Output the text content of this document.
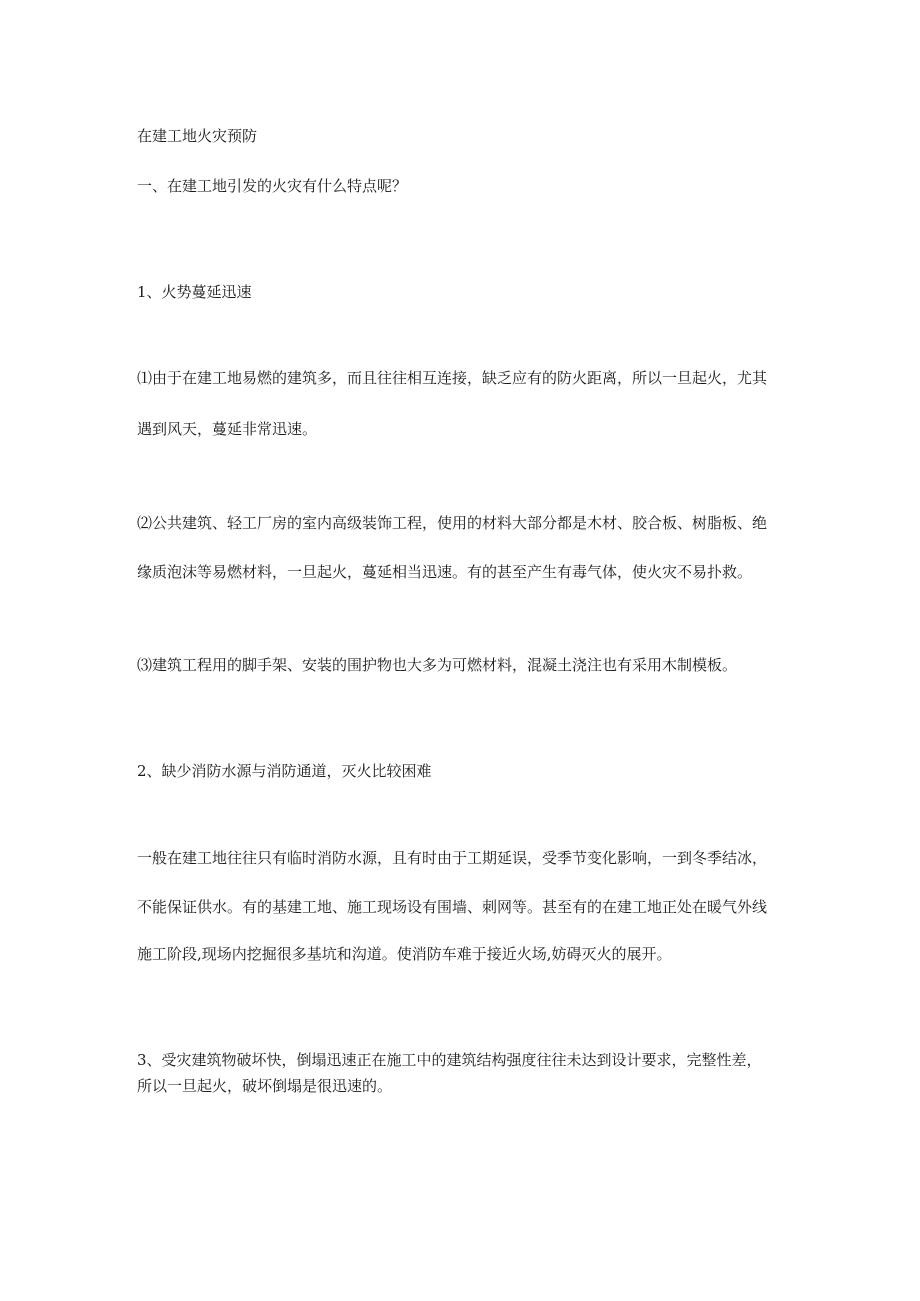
在建工地火灾预防
一、在建工地引发的火灾有什么特点呢？
1、火势蔓延迅速
⑴由于在建工地易燃的建筑多，而且往往相互连接，缺乏应有的防火距离，所以一旦起火，尤其
遇到风天，蔓延非常迅速。
⑵公共建筑、轻工厂房的室内高级装饰工程，使用的材料大部分都是木材、胶合板、树脂板、绝
缘质泡沫等易燃材料，一旦起火，蔓延相当迅速。有的甚至产生有毒气体，使火灾不易扑救。
⑶建筑工程用的脚手架、安装的围护物也大多为可燃材料，混凝土浇注也有采用木制模板。
2、缺少消防水源与消防通道，灭火比较困难
一般在建工地往往只有临时消防水源，且有时由于工期延误，受季节变化影响，一到冬季结冰，
不能保证供水。有的基建工地、施工现场设有围墙、刺网等。甚至有的在建工地正处在暖气外线
施工阶段,现场内挖掘很多基坑和沟道。使消防车难于接近火场,妨碍灭火的展开。
3、受灾建筑物破坏快，倒塌迅速正在施工中的建筑结构强度往往未达到设计要求，完整性差，
所以一旦起火，破坏倒塌是很迅速的。
